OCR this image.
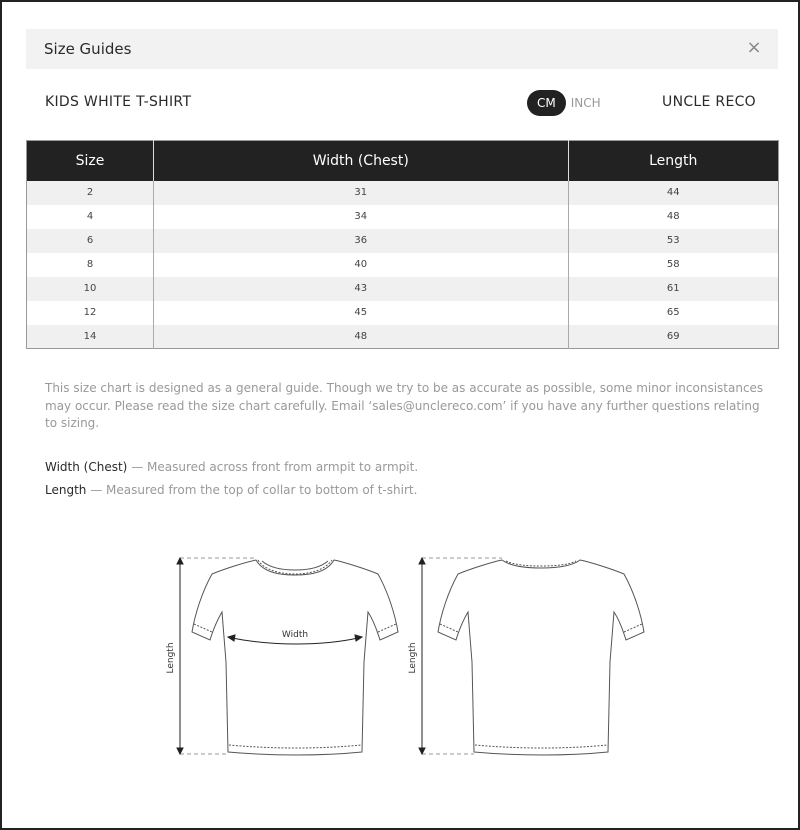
Size Guides	×
KIDS WHITE T-SHIRT	CM	INCH	UNCLE RECO
Size	Width (Chest)	Length
2	31	44
4	34	48
6	36	53
8	40	58
10	43	61
12	45	65
14	48	69

This size chart is designed as a general guide. Though we try to be as accurate as possible, some minor inconsistances may occur. Please read the size chart carefully. Email ‘sales@unclereco.com’ if you have any further questions relating to sizing.

Width (Chest) — Measured across front from armpit to armpit.
Length — Measured from the top of collar to bottom of t-shirt.
Width
Length	Length
